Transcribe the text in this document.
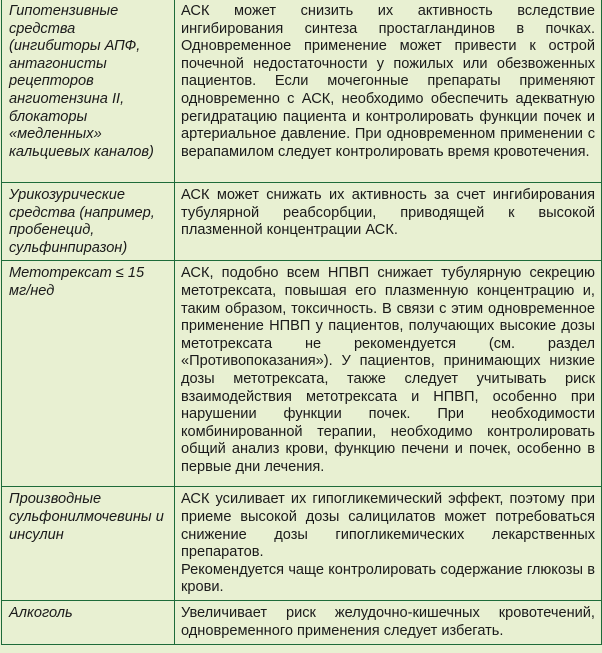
Гипотензивные средства (ингибиторы АПФ, антагонисты рецепторов ангиотензина II, блокаторы «медленных» кальциевых каналов)	АСК может снизить их активность вследствие ингибирования синтеза простагландинов в почках. Одновременное применение может привести к острой почечной недостаточности у пожилых или обезвоженных пациентов. Если мочегонные препараты применяют одновременно с АСК, необходимо обеспечить адекватную регидратацию пациента и контролировать функции почек и артериальное давление. При одновременном применении с верапамилом следует контролировать время кровотечения.

Урикозурические средства (например, пробенецид, сульфинпиразон)	АСК может снижать их активность за счет ингибирования тубулярной реабсорбции, приводящей к высокой плазменной концентрации АСК.

Метотрексат ≤ 15 мг/нед	АСК, подобно всем НПВП снижает тубулярную секрецию метотрексата, повышая его плазменную концентрацию и, таким образом, токсичность. В связи с этим одновременное применение НПВП у пациентов, получающих высокие дозы метотрексата не рекомендуется (см. раздел «Противопоказания»). У пациентов, принимающих низкие дозы метотрексата, также следует учитывать риск взаимодействия метотрексата и НПВП, особенно при нарушении функции почек. При необходимости комбинированной терапии, необходимо контролировать общий анализ крови, функцию печени и почек, особенно в первые дни лечения.

Производные сульфонилмочевины и инсулин	АСК усиливает их гипогликемический эффект, поэтому при приеме высокой дозы салицилатов может потребоваться снижение дозы гипогликемических лекарственных препаратов.

Рекомендуется чаще контролировать содержание глюкозы в крови.

Алкоголь	Увеличивает риск желудочно-кишечных кровотечений, одновременного применения следует избегать.
